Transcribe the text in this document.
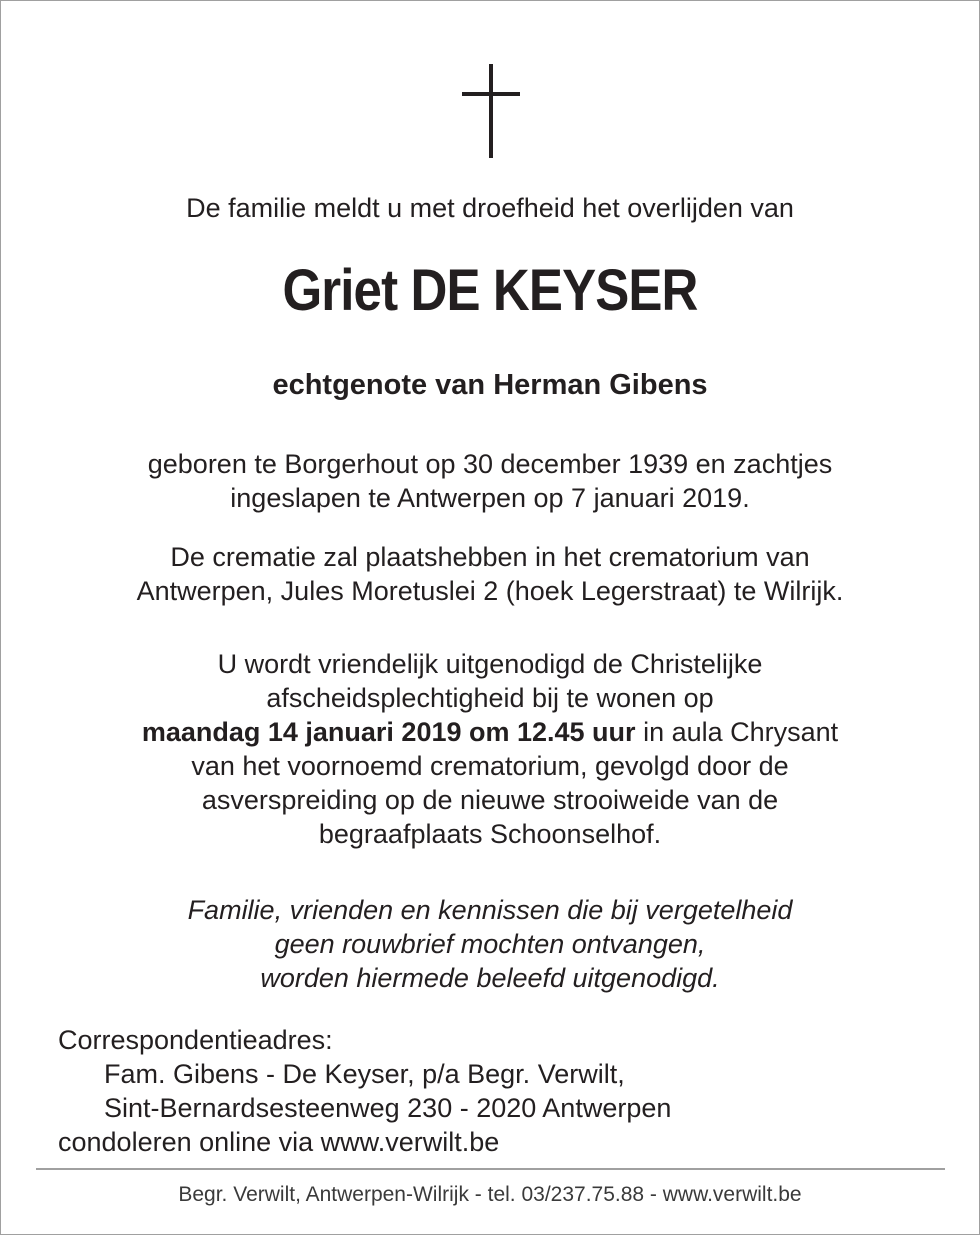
De familie meldt u met droefheid het overlijden van
Griet DE KEYSER
echtgenote van Herman Gibens
geboren te Borgerhout op 30 december 1939 en zachtjes
ingeslapen te Antwerpen op 7 januari 2019.
De crematie zal plaatshebben in het crematorium van
Antwerpen, Jules Moretuslei 2 (hoek Legerstraat) te Wilrijk.
U wordt vriendelijk uitgenodigd de Christelijke
afscheidsplechtigheid bij te wonen op
maandag 14 januari 2019 om 12.45 uur in aula Chrysant
van het voornoemd crematorium, gevolgd door de
asverspreiding op de nieuwe strooiweide van de
begraafplaats Schoonselhof.
Familie, vrienden en kennissen die bij vergetelheid
geen rouwbrief mochten ontvangen,
worden hiermede beleefd uitgenodigd.
Correspondentieadres:
Fam. Gibens - De Keyser, p/a Begr. Verwilt,
Sint-Bernardsesteenweg 230 - 2020 Antwerpen
condoleren online via www.verwilt.be
Begr. Verwilt, Antwerpen-Wilrijk - tel. 03/237.75.88 - www.verwilt.be
